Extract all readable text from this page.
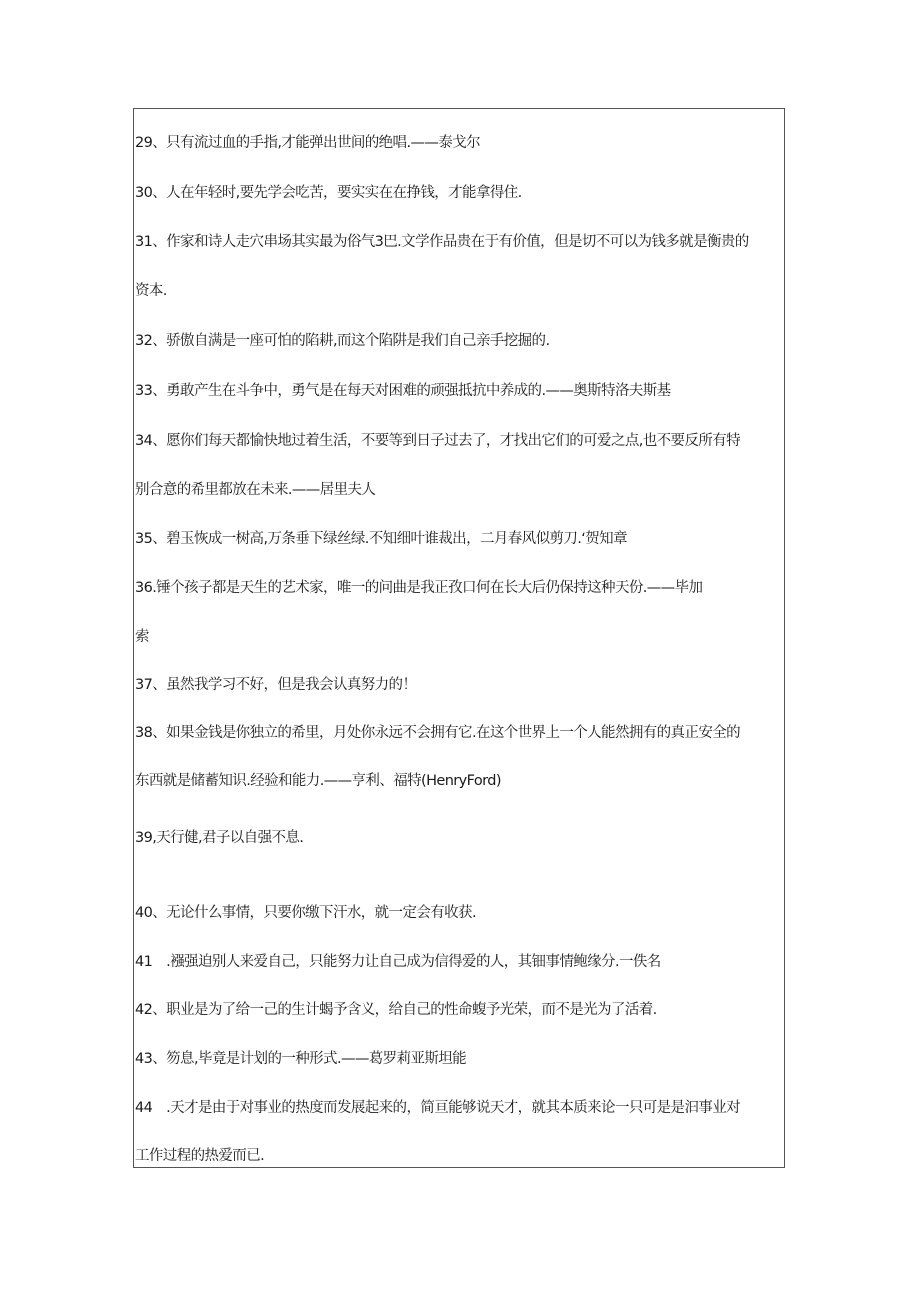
29、只有流过血的手指,才能弹出世间的绝唱.——泰戈尔
30、人在年轻时,要先学会吃苦，要实实在在挣钱，才能拿得住.
31、作家和诗人走穴串场其实最为俗气3巴.文学作品贵在于有价值，但是切不可以为钱多就是衡贵的
资本.
32、骄傲自满是一座可怕的陷耕,而这个陷阱是我们自己亲手挖掘的.
33、勇敢产生在斗争中，勇气是在每天对困难的顽强抵抗中养成的.——奥斯特洛夫斯基
34、愿你们每天都愉快地过着生活，不要等到日子过去了，才找出它们的可爱之点,也不要反所有特
别合意的希里都放在未来.——居里夫人
35、碧玉恢成一树高,万条垂下绿丝绿.不知细叶谁裁出，二月春风似剪刀.‘贺知章
36.锤个孩子都是天生的艺术家，唯一的问曲是我正孜口何在长大后仍保持这种天份.——毕加
索
37、虽然我学习不好，但是我会认真努力的！
38、如果金钱是你独立的希里，月处你永远不会拥有它.在这个世界上一个人能然拥有的真正安全的
东西就是储蓄知识.经验和能力.——亨利、福特(HenryFord)
39,天行健,君子以自强不息.
40、无论什么事情，只要你缴下汗水，就一定会有收获.
41　.襁强迫别人来爱自己，只能努力让自己成为信得爱的人，其钿事情鲍缘分.一佚名
42、职业是为了给一己的生计蝎予含义，给自己的性命蝮予光荣，而不是光为了活着.
43、笏息,毕竟是计划的一种形式.——葛罗莉亚斯坦能
44　.天才是由于对事业的热度而发展起来的，简亘能够说天才，就其本质来论一只可是是汩事业对
工作过程的热爱而已.
